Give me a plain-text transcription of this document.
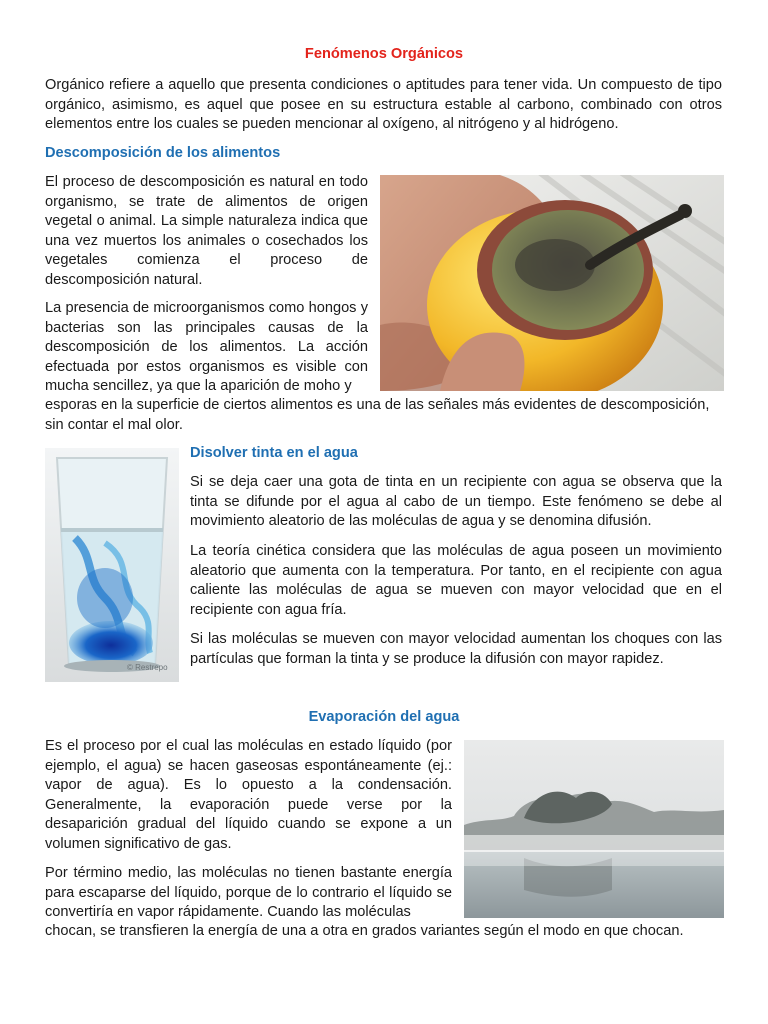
Fenómenos Orgánicos

Orgánico refiere a aquello que presenta condiciones o aptitudes para tener vida. Un compuesto de tipo orgánico, asimismo, es aquel que posee en su estructura estable al carbono, combinado con otros elementos entre los cuales se pueden mencionar al oxígeno, al nitrógeno y al hidrógeno.

Descomposición de los alimentos

El proceso de descomposición es natural en todo organismo, se trate de alimentos de origen vegetal o animal. La simple naturaleza indica que una vez muertos los animales o cosechados los vegetales comienza el proceso de descomposición natural.

La presencia de microorganismos como hongos y bacterias son las principales causas de la descomposición de los alimentos. La acción efectuada por estos organismos es visible con mucha sencillez, ya que la aparición de moho y

esporas en la superficie de ciertos alimentos es una de las señales más evidentes de descomposición, sin contar el mal olor.

© Restrepo
Disolver tinta en el agua

Si se deja caer una gota de tinta en un recipiente con agua se observa que la tinta se difunde por el agua al cabo de un tiempo. Este fenómeno se debe al movimiento aleatorio de las moléculas de agua y se denomina difusión.

La teoría cinética considera que las moléculas de agua poseen un movimiento aleatorio que aumenta con la temperatura. Por tanto, en el recipiente con agua caliente las moléculas de agua se mueven con mayor velocidad que en el recipiente con agua fría.

Si las moléculas se mueven con mayor velocidad aumentan los choques con las partículas que forman la tinta y se produce la difusión con mayor rapidez.

Evaporación del agua

Es el proceso por el cual las moléculas en estado líquido (por ejemplo, el agua) se hacen gaseosas espontáneamente (ej.: vapor de agua). Es lo opuesto a la condensación. Generalmente, la evaporación puede verse por la desaparición gradual del líquido cuando se expone a un volumen significativo de gas.

Por término medio, las moléculas no tienen bastante energía para escaparse del líquido, porque de lo contrario el líquido se convertiría en vapor rápidamente. Cuando las moléculas

chocan, se transfieren la energía de una a otra en grados variantes según el modo en que chocan.
